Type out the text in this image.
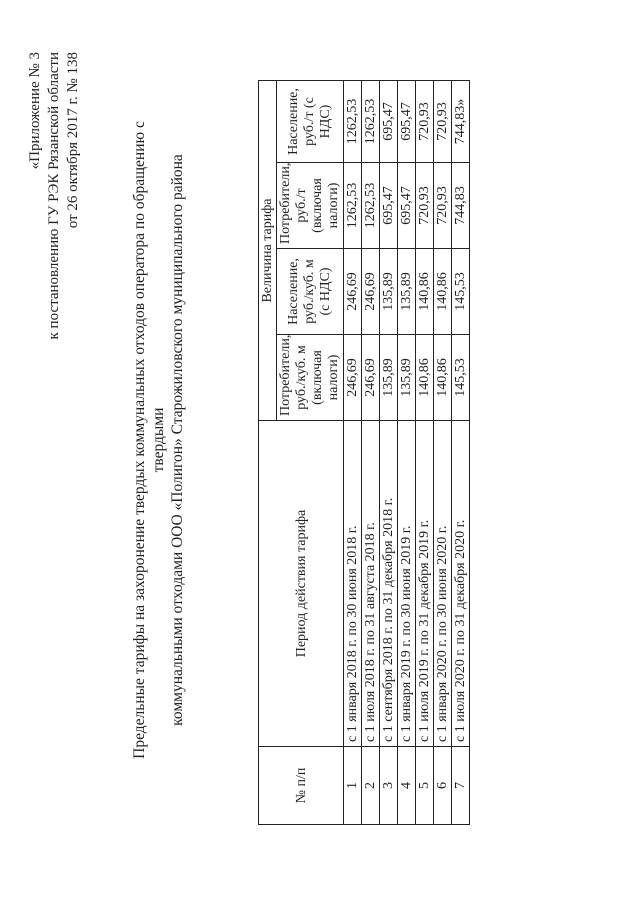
«Приложение № 3 к постановлению ГУ РЭК Рязанской области от 26 октября 2017 г. № 138	Предельные тарифы на захоронение твердых коммунальных отходов оператора по обращению с твердыми коммунальными отходами ООО «Полигон» Старожиловского муниципального района
№ п/п	Период действия тарифа	Величина тарифа			
		Потребители, руб./куб. м (включая налоги)	Население, руб./куб. м (с НДС)	Потребители, руб./т (включая налоги)	Население, руб./т (с НДС)
1	с 1 января 2018 г. по 30 июня 2018 г.	246,69	246,69	1262,53	1262,53
2	с 1 июля 2018 г. по 31 августа 2018 г.	246,69	246,69	1262,53	1262,53
3	с 1 сентября 2018 г. по 31 декабря 2018 г.	135,89	135,89	695,47	695,47
4	с 1 января 2019 г. по 30 июня 2019 г.	135,89	135,89	695,47	695,47
5	с 1 июля 2019 г. по 31 декабря 2019 г.	140,86	140,86	720,93	720,93
6	с 1 января 2020 г. по 30 июня 2020 г.	140,86	140,86	720,93	720,93
7	с 1 июля 2020 г. по 31 декабря 2020 г.	145,53	145,53	744,83	744,83»
